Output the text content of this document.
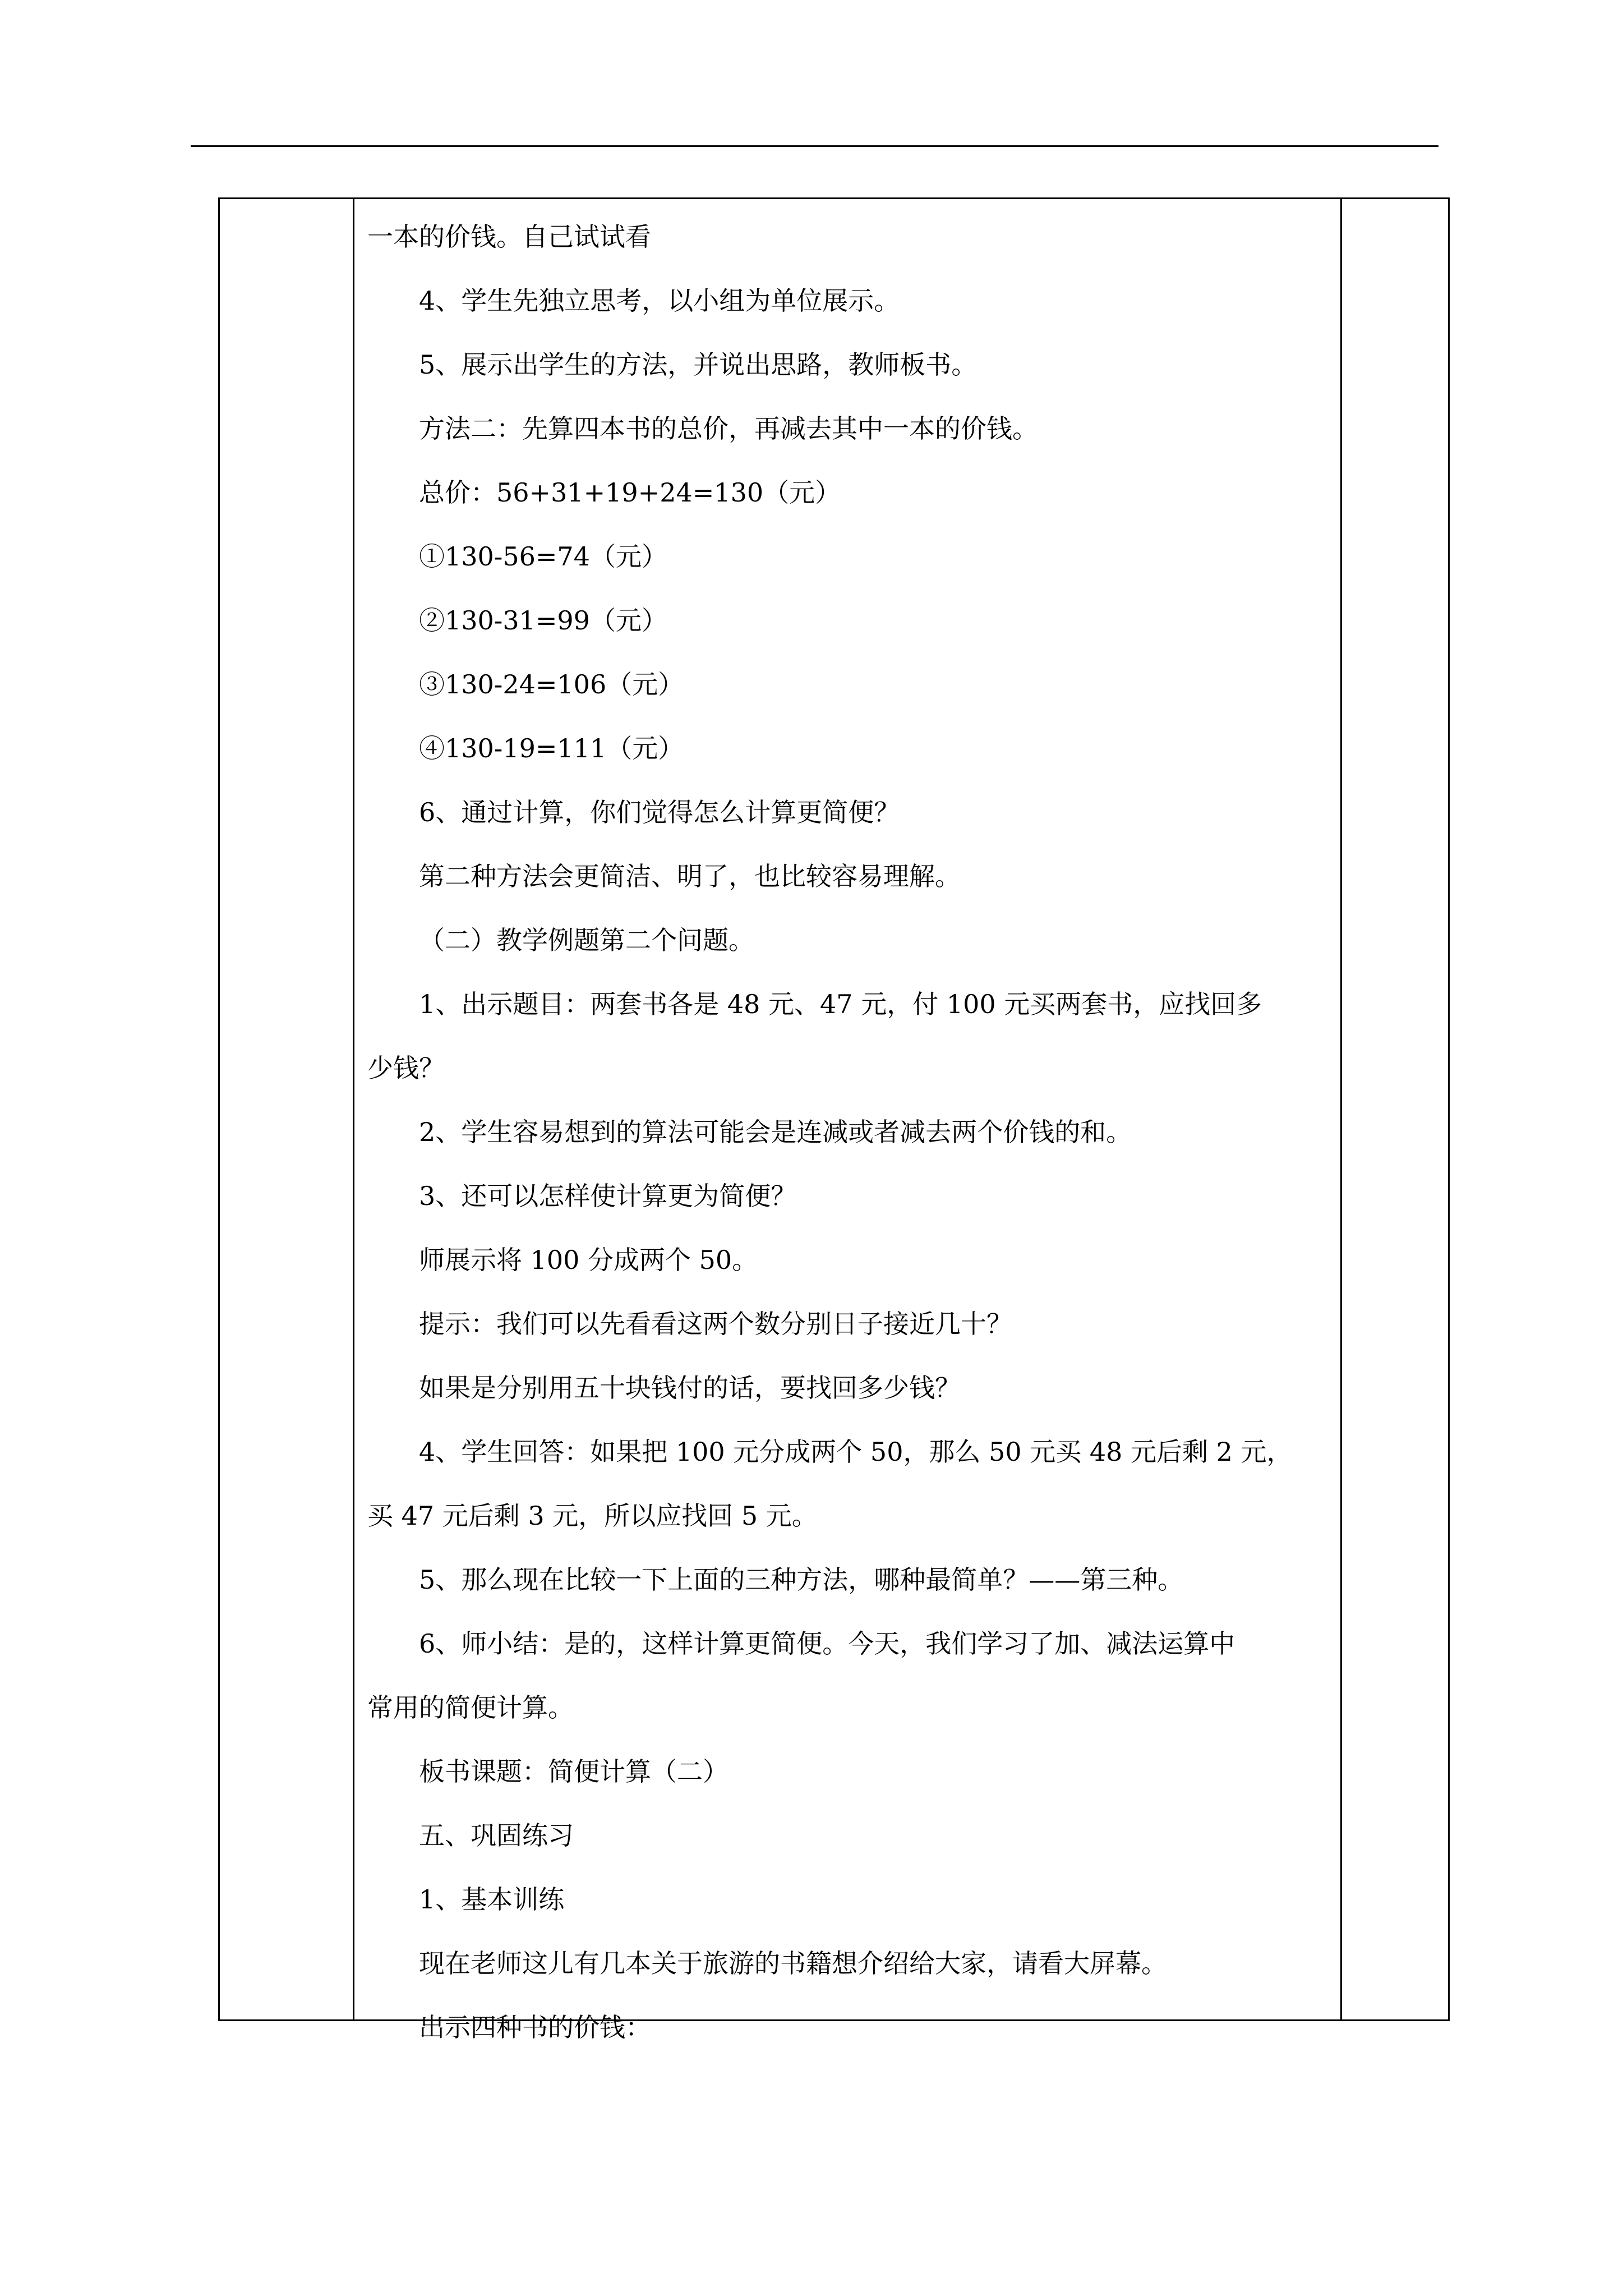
一本的价钱。自己试试看

4、学生先独立思考，以小组为单位展示。

5、展示出学生的方法，并说出思路，教师板书。

方法二：先算四本书的总价，再减去其中一本的价钱。

总价：56+31+19+24=130（元）

①130-56=74（元）

②130-31=99（元）

③130-24=106（元）

④130-19=111（元）

6、通过计算，你们觉得怎么计算更简便？

第二种方法会更简洁、明了，也比较容易理解。

（二）教学例题第二个问题。

1、出示题目：两套书各是 48 元、47 元，付 100 元买两套书，应找回多

少钱？

2、学生容易想到的算法可能会是连减或者减去两个价钱的和。

3、还可以怎样使计算更为简便？

师展示将 100 分成两个 50。

提示：我们可以先看看这两个数分别日子接近几十？

如果是分别用五十块钱付的话，要找回多少钱？

4、学生回答：如果把 100 元分成两个 50，那么 50 元买 48 元后剩 2 元，

买 47 元后剩 3 元，所以应找回 5 元。

5、那么现在比较一下上面的三种方法，哪种最简单？——第三种。

6、师小结：是的，这样计算更简便。今天，我们学习了加、减法运算中

常用的简便计算。

板书课题：简便计算（二）

五、巩固练习

1、基本训练

现在老师这儿有几本关于旅游的书籍想介绍给大家，请看大屏幕。

出示四种书的价钱：
